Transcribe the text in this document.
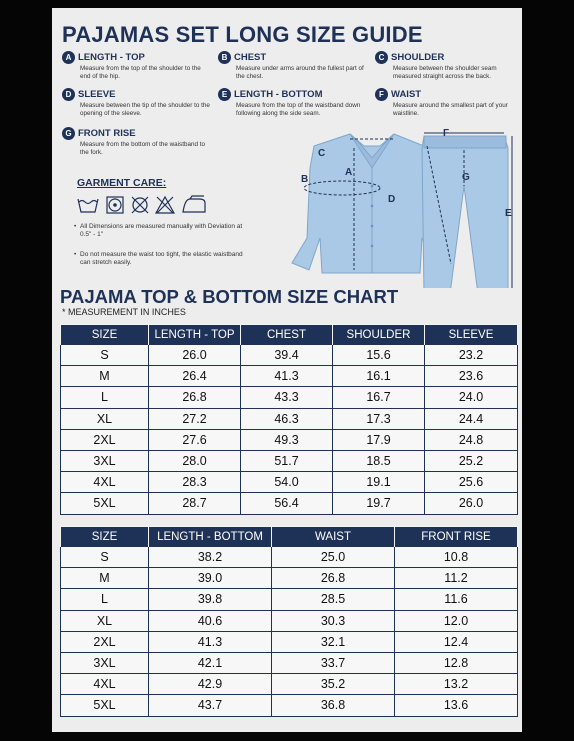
PAJAMAS SET LONG SIZE GUIDE
A LENGTH - TOP
Measure from the top of the shoulder to the end of the hip.
B CHEST
Measure under arms around the fullest part of the chest.
C SHOULDER
Measure between the shoulder seam measured straight across the back.
D SLEEVE
Measure between the tip of the shoulder to the opening of the sleeve.
E LENGTH - BOTTOM
Measure from the top of the waistband down following along the side seam.
F WAIST
Measure around the smallest part of your waistline.
G FRONT RISE
Measure from the bottom of the waistband to the fork.
GARMENT CARE:
• All Dimensions are measured manually with Deviation at 0.5" - 1"
• Do not measure the waist too tight, the elastic waistband can stretch easily.
C
B
A
D
F
G
E
PAJAMA TOP & BOTTOM SIZE CHART
* MEASUREMENT IN INCHES
SIZE	LENGTH - TOP	CHEST	SHOULDER	SLEEVE
S	26.0	39.4	15.6	23.2
M	26.4	41.3	16.1	23.6
L	26.8	43.3	16.7	24.0
XL	27.2	46.3	17.3	24.4
2XL	27.6	49.3	17.9	24.8
3XL	28.0	51.7	18.5	25.2
4XL	28.3	54.0	19.1	25.6
5XL	28.7	56.4	19.7	26.0
SIZE	LENGTH - BOTTOM	WAIST	FRONT RISE
S	38.2	25.0	10.8
M	39.0	26.8	11.2
L	39.8	28.5	11.6
XL	40.6	30.3	12.0
2XL	41.3	32.1	12.4
3XL	42.1	33.7	12.8
4XL	42.9	35.2	13.2
5XL	43.7	36.8	13.6
